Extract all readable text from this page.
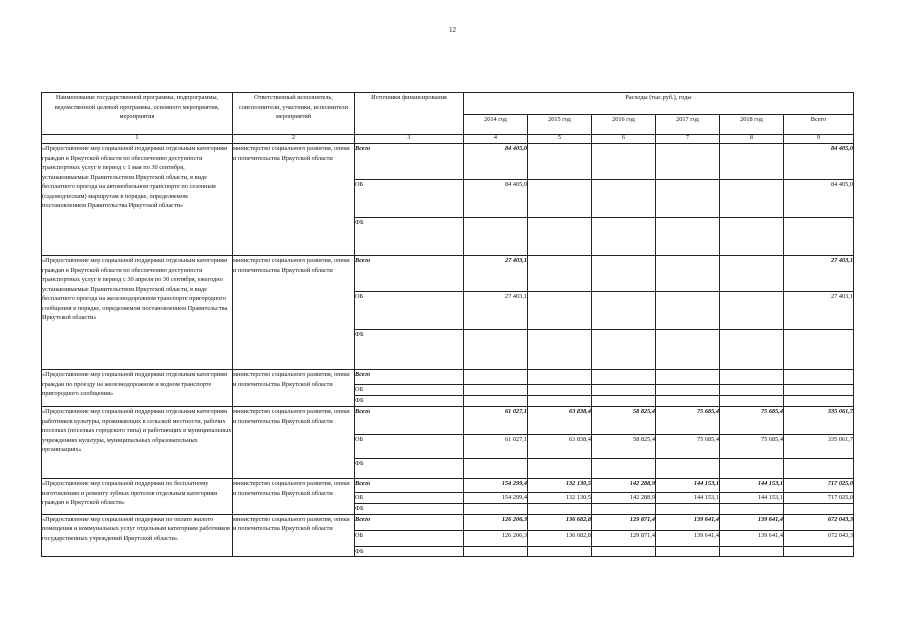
12
Наименование государственной программы, подпрограммы, ведомственной целевой программы, основного мероприятия, мероприятия	Ответственный исполнитель, соисполнители, участники, исполнители мероприятий	Источники финансирования	Расходы (тыс.руб.), годы					
			2014 год	2015 год	2016 год	2017 год	2018 год	Всего
1	2	3	4	5	6	7	8	9
«Предоставление мер социальной поддержки отдельным категориям граждан в Иркутской области по обеспечению доступности транспортных услуг в период с 1 мая по 30 сентября, устанавливаемые Правительством Иркутской области, в виде бесплатного проезда на автомобильном транспорте по сезонным (садоводческим) маршрутам в порядке, определяемом постановлением Правительства Иркутской области»	министерство социального развития, опеки и попечительства Иркутской области	Всего	84 405,0					84 405,0
		ОБ	84 405,0					84 405,0
		ФБ						
«Предоставление мер социальной поддержки отдельным категориям граждан в Иркутской области по обеспечению доступности транспортных услуг в период с 30 апреля по 30 сентября, ежегодно устанавливаемые Правительством Иркутской области, в виде бесплатного проезда на железнодорожном транспорте пригородного сообщения в порядке, определяемом постановлением Правительства Иркутской области»	министерство социального развития, опеки и попечительства Иркутской области	Всего	27 403,1					27 403,1
		ОБ	27 403,1					27 403,1
		ФБ						
«Предоставление мер социальной поддержки отдельным категориям граждан по проезду на железнодорожном и водном транспорте пригородного сообщения»	министерство социального развития, опеки и попечительства Иркутской области	Всего						
		ОБ						
		ФБ						
«Предоставление мер социальной поддержки отдельным категориям работников культуры, проживающих в сельской местности, рабочих поселках (поселках городского типа) и работающих в муниципальных учреждениях культуры, муниципальных образовательных организациях»	министерство социального развития, опеки и попечительства Иркутской области	Всего	61 027,1	63 838,4	58 825,4	75 685,4	75 685,4	335 061,7
		ОБ	61 027,1	63 838,4	58 825,4	75 685,4	75 685,4	335 061,7
		ФБ						
«Предоставление мер социальной поддержки по бесплатному изготовлению и ремонту зубных протезов отдельным категориям граждан в Иркутской области»	министерство социального развития, опеки и попечительства Иркутской области	Всего	154 299,4	132 130,5	142 288,9	144 153,1	144 153,1	717 025,0
		ОБ	154 299,4	132 130,5	142 288,9	144 153,1	144 153,1	717 025,0
		ФБ						
«Предоставление мер социальной поддержки по оплате жилого помещения и коммунальных услуг отдельным категориям работников государственных учреждений Иркутской области»	министерство социального развития, опеки и попечительства Иркутской области	Всего	126 206,3	136 682,8	129 871,4	139 641,4	139 641,4	672 043,3
		ОБ	126 206,3	136 682,8	129 871,4	139 641,4	139 641,4	672 043,3
		ФБ						
